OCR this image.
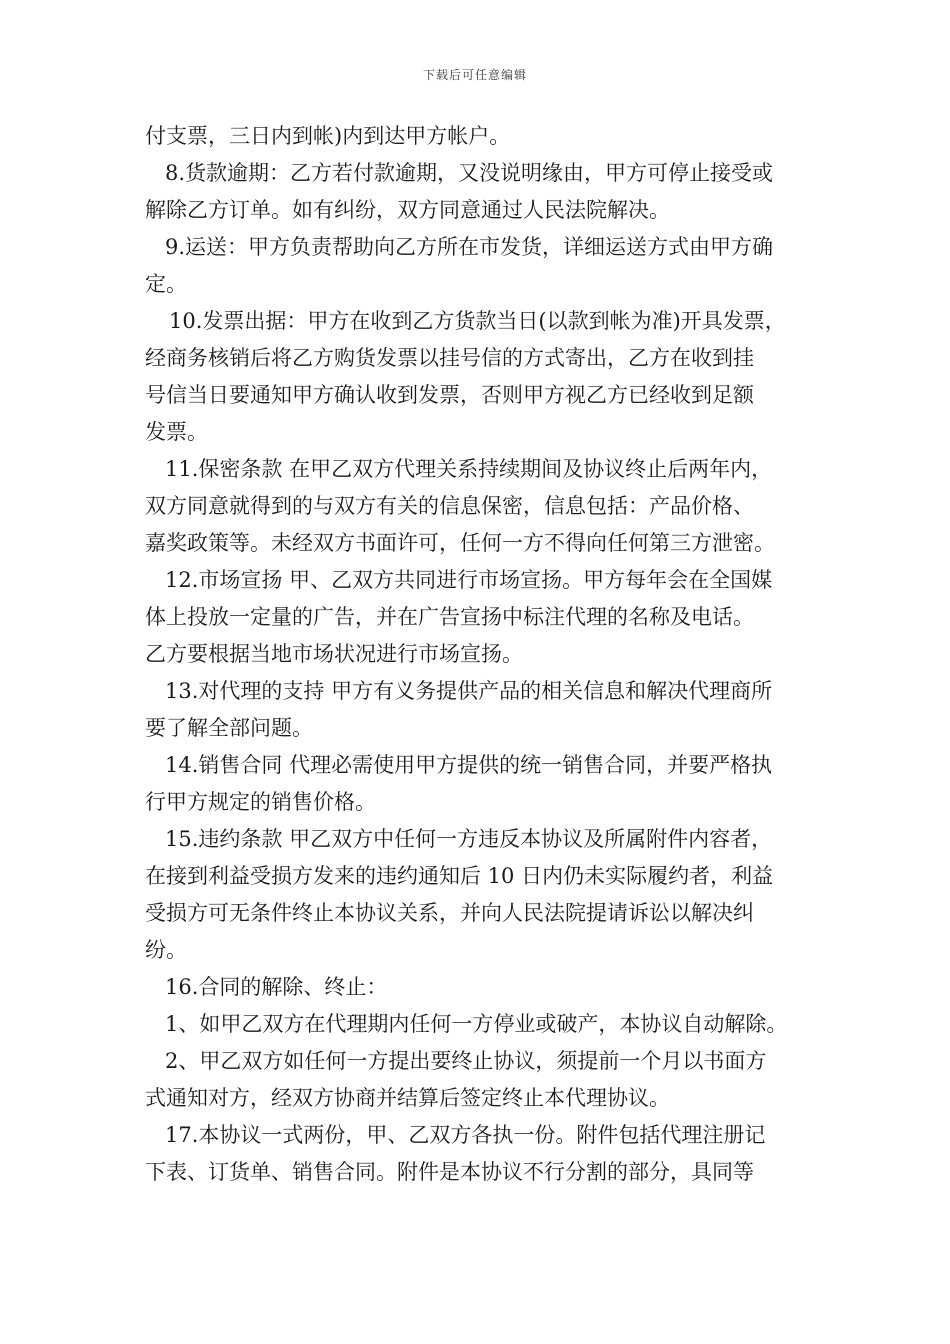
下载后可任意编辑
付支票，三日内到帐)内到达甲方帐户。
8.货款逾期：乙方若付款逾期，又没说明缘由，甲方可停止接受或
解除乙方订单。如有纠纷，双方同意通过人民法院解决。
9.运送：甲方负责帮助向乙方所在市发货，详细运送方式由甲方确
定。
10.发票出据：甲方在收到乙方货款当日(以款到帐为准)开具发票，
经商务核销后将乙方购货发票以挂号信的方式寄出，乙方在收到挂
号信当日要通知甲方确认收到发票，否则甲方视乙方已经收到足额
发票。
11.保密条款 在甲乙双方代理关系持续期间及协议终止后两年内，
双方同意就得到的与双方有关的信息保密，信息包括：产品价格、
嘉奖政策等。未经双方书面许可，任何一方不得向任何第三方泄密。
12.市场宣扬 甲、乙双方共同进行市场宣扬。甲方每年会在全国媒
体上投放一定量的广告，并在广告宣扬中标注代理的名称及电话。
乙方要根据当地市场状况进行市场宣扬。
13.对代理的支持 甲方有义务提供产品的相关信息和解决代理商所
要了解全部问题。
14.销售合同 代理必需使用甲方提供的统一销售合同，并要严格执
行甲方规定的销售价格。
15.违约条款 甲乙双方中任何一方违反本协议及所属附件内容者，
在接到利益受损方发来的违约通知后 10 日内仍未实际履约者，利益
受损方可无条件终止本协议关系，并向人民法院提请诉讼以解决纠
纷。
16.合同的解除、终止：
1、如甲乙双方在代理期内任何一方停业或破产，本协议自动解除。
2、甲乙双方如任何一方提出要终止协议，须提前一个月以书面方
式通知对方，经双方协商并结算后签定终止本代理协议。
17.本协议一式两份，甲、乙双方各执一份。附件包括代理注册记
下表、订货单、销售合同。附件是本协议不行分割的部分，具同等
